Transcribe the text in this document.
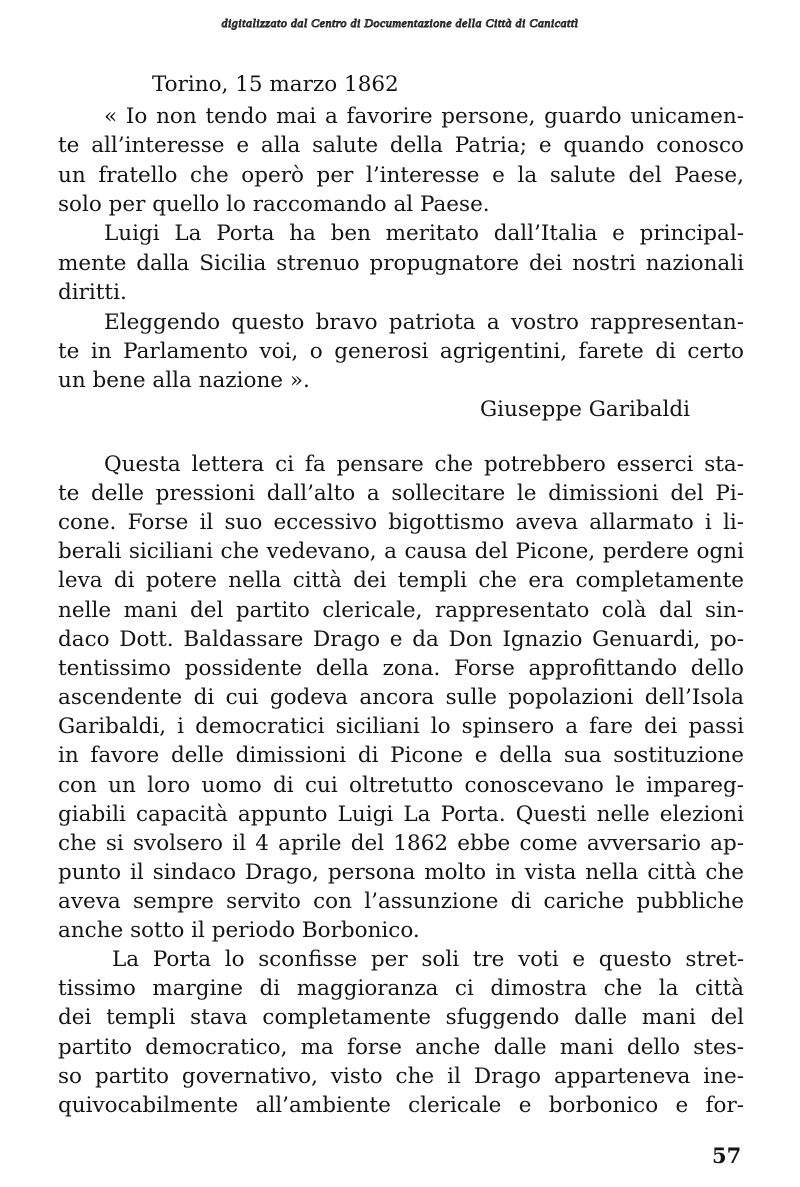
digitalizzato dal Centro di Documentazione della Città di Canicattì
Torino, 15 marzo 1862
« Io non tendo mai a favorire persone, guardo unicamen-
te all’interesse e alla salute della Patria; e quando conosco
un fratello che operò per l’interesse e la salute del Paese,
solo per quello lo raccomando al Paese.
Luigi La Porta ha ben meritato dall’Italia e principal-
mente dalla Sicilia strenuo propugnatore dei nostri nazionali
diritti.
Eleggendo questo bravo patriota a vostro rappresentan-
te in Parlamento voi, o generosi agrigentini, farete di certo
un bene alla nazione ».
Giuseppe Garibaldi
Questa lettera ci fa pensare che potrebbero esserci sta-
te delle pressioni dall’alto a sollecitare le dimissioni del Pi-
cone. Forse il suo eccessivo bigottismo aveva allarmato i li-
berali siciliani che vedevano, a causa del Picone, perdere ogni
leva di potere nella città dei templi che era completamente
nelle mani del partito clericale, rappresentato colà dal sin-
daco Dott. Baldassare Drago e da Don Ignazio Genuardi, po-
tentissimo possidente della zona. Forse approfittando dello
ascendente di cui godeva ancora sulle popolazioni dell’Isola
Garibaldi, i democratici siciliani lo spinsero a fare dei passi
in favore delle dimissioni di Picone e della sua sostituzione
con un loro uomo di cui oltretutto conoscevano le impareg-
giabili capacità appunto Luigi La Porta. Questi nelle elezioni
che si svolsero il 4 aprile del 1862 ebbe come avversario ap-
punto il sindaco Drago, persona molto in vista nella città che
aveva sempre servito con l’assunzione di cariche pubbliche
anche sotto il periodo Borbonico.
La Porta lo sconfisse per soli tre voti e questo stret-
tissimo margine di maggioranza ci dimostra che la città
dei templi stava completamente sfuggendo dalle mani del
partito democratico, ma forse anche dalle mani dello stes-
so partito governativo, visto che il Drago apparteneva ine-
quivocabilmente all’ambiente clericale e borbonico e for-
57
